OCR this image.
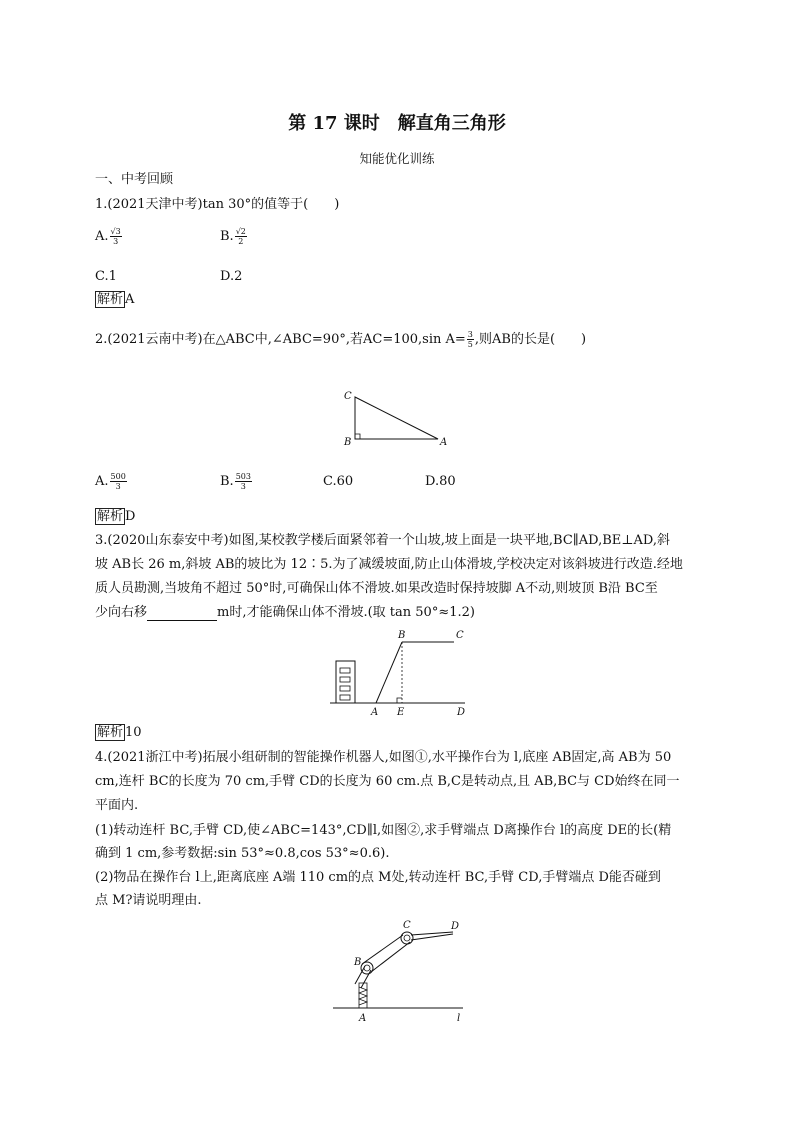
第 17 课时　解直角三角形
知能优化训练
一、中考回顾
1.(2021天津中考)tan 30°的值等于(　　)
A. $\frac{√3}{3}$	B. $\frac{√2}{2}$
C.1	D.2
解析 A
2.(2021云南中考)在△ABC中,∠ABC=90°,若AC=100,sin $A= \frac{3}{5}$ ,则AB的长是(　　)
C
B	A
A. $\frac{500}{3}$	B. $\frac{503}{3}$	C.60	D.80
解析 D
3.(2020山东泰安中考)如图,某校教学楼后面紧邻着一个山坡,坡上面是一块平地,BC∥AD,BE⊥AD,斜
坡 AB长 26 m,斜坡 AB的坡比为 12∶5.为了减缓坡面,防止山体滑坡,学校决定对该斜坡进行改造.经地
质人员勘测,当坡角不超过 50°时,可确保山体不滑坡.如果改造时保持坡脚 A不动,则坡顶 B沿 BC至
少向右移	m时,才能确保山体不滑坡.(取 tan 50°≈1.2)
B	C
A E	D
解析 10
4.(2021浙江中考)拓展小组研制的智能操作机器人,如图①,水平操作台为 l,底座 AB固定,高 AB为 50
cm,连杆 BC的长度为 70 cm,手臂 CD的长度为 60 cm.点 B,C是转动点,且 AB,BC与 CD始终在同一
平面内.
(1)转动连杆 BC,手臂 CD,使∠ABC=143°,CD∥l,如图②,求手臂端点 D离操作台 l的高度 DE的长(精
确到 1 cm,参考数据:sin 53°≈0.8,cos 53°≈0.6).
(2)物品在操作台 l上,距离底座 A端 110 cm的点 M处,转动连杆 BC,手臂 CD,手臂端点 D能否碰到
点 M?请说明理由.
C	D
B
A	l
